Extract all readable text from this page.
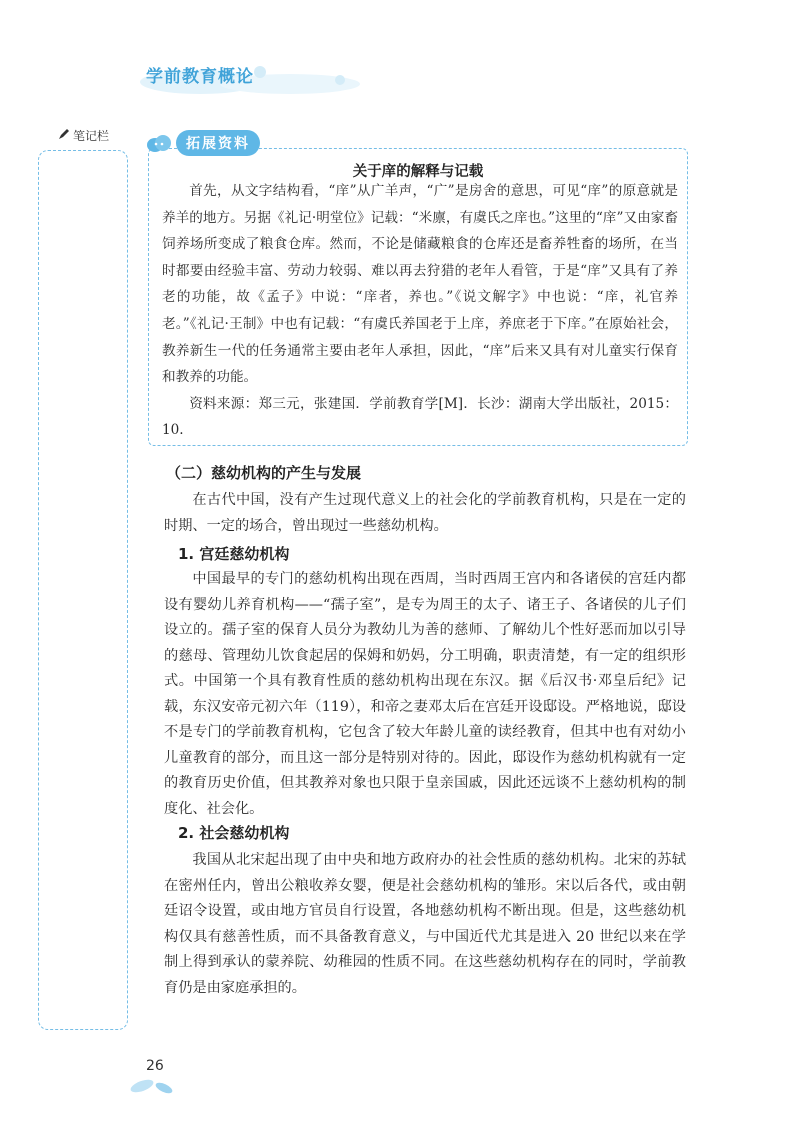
学前教育概论
笔记栏	拓展资料
关于庠的解释与记载

首先，从文字结构看，“庠”从广羊声，“广”是房舍的意思，可见“庠”的原意就是养羊的地方。另据《礼记·明堂位》记载：“米廪，有虞氏之庠也。”这里的“庠”又由家畜饲养场所变成了粮食仓库。然而，不论是储藏粮食的仓库还是畜养牲畜的场所，在当时都要由经验丰富、劳动力较弱、难以再去狩猎的老年人看管，于是“庠”又具有了养老的功能，故《孟子》中说：“庠者，养也。”《说文解字》中也说：“庠，礼官养老。”《礼记·王制》中也有记载：“有虞氏养国老于上庠，养庶老于下庠。”在原始社会，教养新生一代的任务通常主要由老年人承担，因此，“庠”后来又具有对儿童实行保育和教养的功能。

资料来源：郑三元，张建国．学前教育学[M]．长沙：湖南大学出版社，2015：10.

（二）慈幼机构的产生与发展

在古代中国，没有产生过现代意义上的社会化的学前教育机构，只是在一定的时期、一定的场合，曾出现过一些慈幼机构。

1. 宫廷慈幼机构

中国最早的专门的慈幼机构出现在西周，当时西周王宫内和各诸侯的宫廷内都设有婴幼儿养育机构——“孺子室”，是专为周王的太子、诸王子、各诸侯的儿子们设立的。孺子室的保育人员分为教幼儿为善的慈师、了解幼儿个性好恶而加以引导的慈母、管理幼儿饮食起居的保姆和奶妈，分工明确，职责清楚，有一定的组织形式。中国第一个具有教育性质的慈幼机构出现在东汉。据《后汉书·邓皇后纪》记载，东汉安帝元初六年（119），和帝之妻邓太后在宫廷开设邸设。严格地说，邸设不是专门的学前教育机构，它包含了较大年龄儿童的读经教育，但其中也有对幼小儿童教育的部分，而且这一部分是特别对待的。因此，邸设作为慈幼机构就有一定的教育历史价值，但其教养对象也只限于皇亲国戚，因此还远谈不上慈幼机构的制度化、社会化。

2. 社会慈幼机构

我国从北宋起出现了由中央和地方政府办的社会性质的慈幼机构。北宋的苏轼在密州任内，曾出公粮收养女婴，便是社会慈幼机构的雏形。宋以后各代，或由朝廷诏令设置，或由地方官员自行设置，各地慈幼机构不断出现。但是，这些慈幼机构仅具有慈善性质，而不具备教育意义，与中国近代尤其是进入 20 世纪以来在学制上得到承认的蒙养院、幼稚园的性质不同。在这些慈幼机构存在的同时，学前教育仍是由家庭承担的。

26
